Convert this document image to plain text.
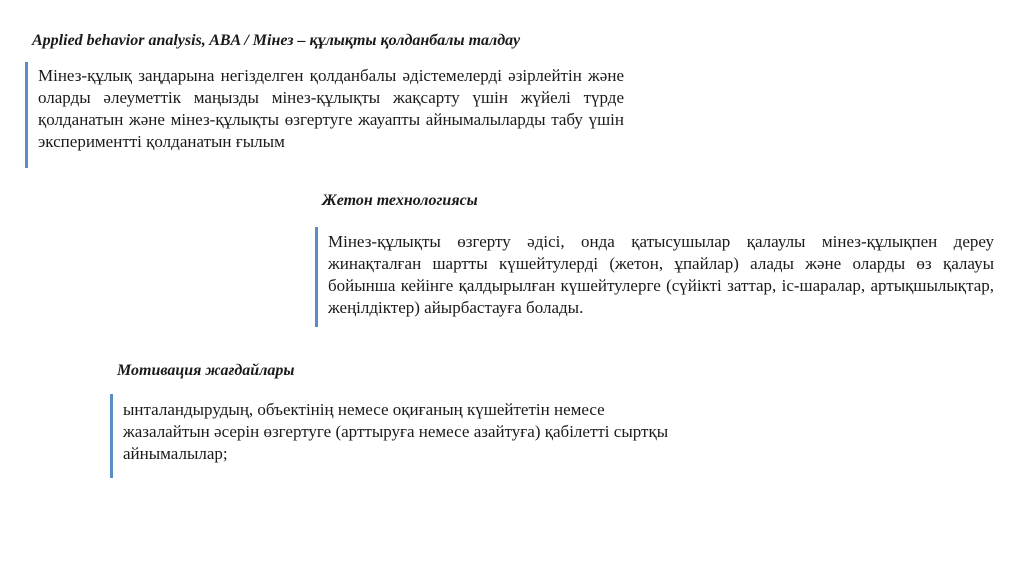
Applied behavior analysis, ABA / Мінез – құлықты қолданбалы талдау

Мінез-құлық заңдарына негізделген қолданбалы әдістемелерді әзірлейтін және оларды әлеуметтік маңызды мінез-құлықты жақсарту үшін жүйелі түрде қолданатын және мінез-құлықты өзгертуге жауапты айнымалыларды табу үшін экспериментті қолданатын ғылым

Жетон технологиясы

Мінез-құлықты өзгерту әдісі, онда қатысушылар қалаулы мінез-құлықпен дереу жинақталған шартты күшейтулерді (жетон, ұпайлар) алады және оларды өз қалауы бойынша кейінге қалдырылған күшейтулерге (сүйікті заттар, іс-шаралар, артықшылықтар, жеңілдіктер) айырбастауға болады.

Мотивация жағдайлары

ынталандырудың, объектінің немесе оқиғаның күшейтетін немесе жазалайтын әсерін өзгертуге (арттыруға немесе азайтуға) қабілетті сыртқы айнымалылар;
